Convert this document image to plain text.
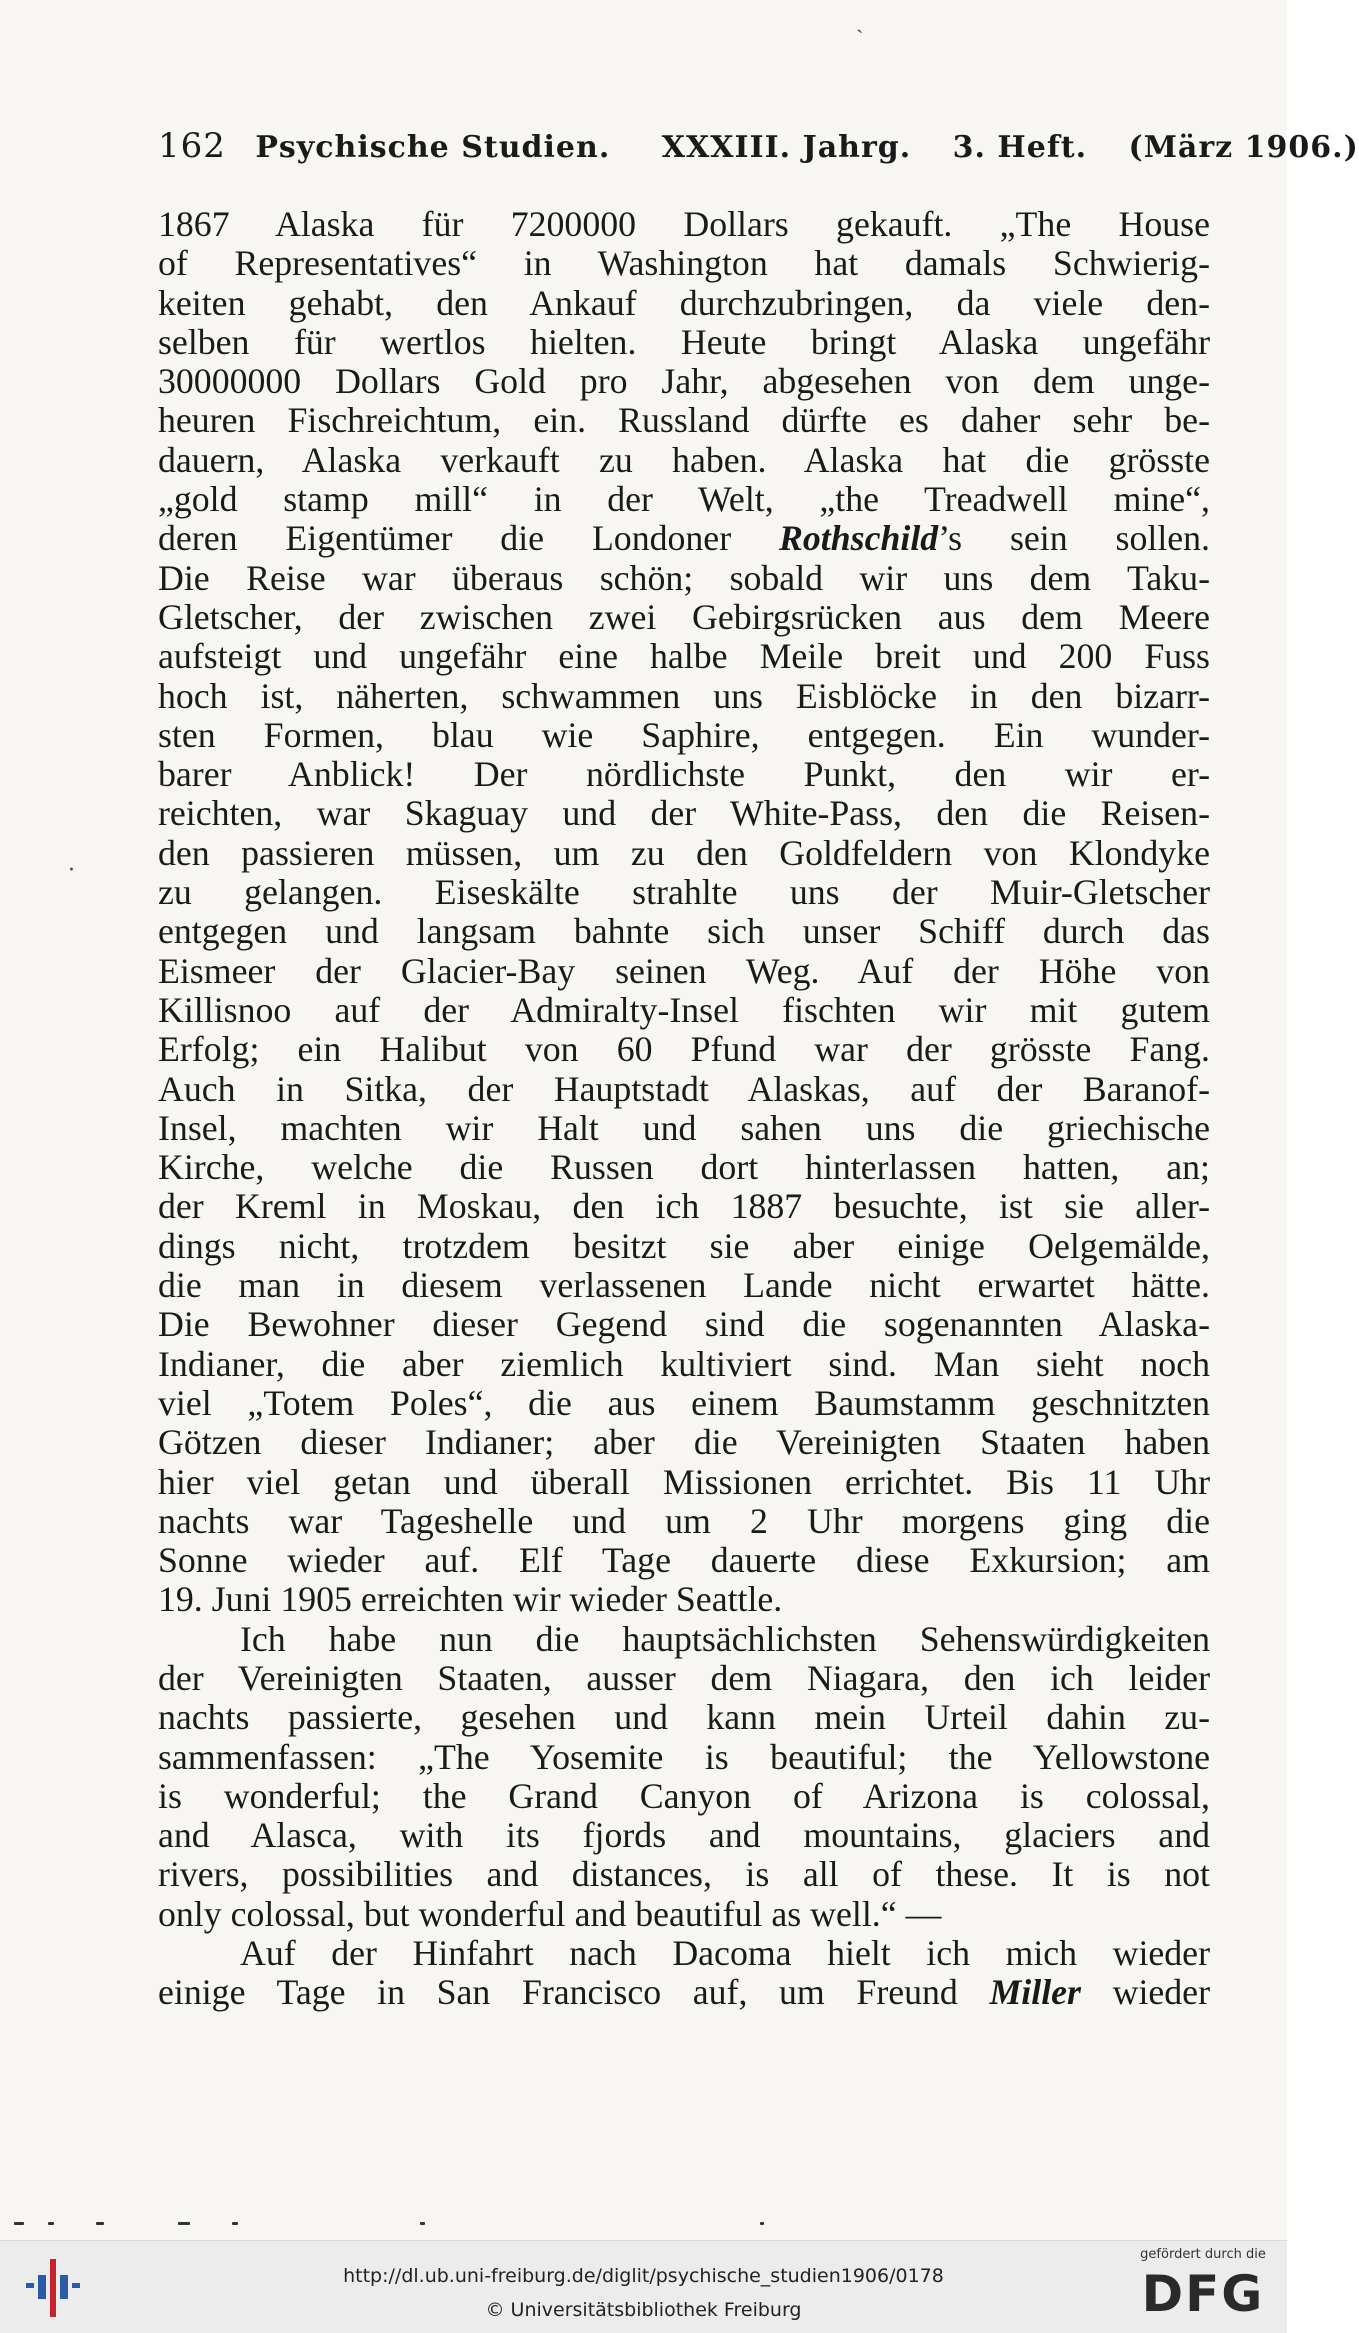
162 Psychische Studien. XXXIII. Jahrg. 3. Heft. (März 1906.)
1867 Alaska für 7200000 Dollars gekauft. „The House
of Representatives“ in Washington hat damals Schwierig-
keiten gehabt, den Ankauf durchzubringen, da viele den-
selben für wertlos hielten. Heute bringt Alaska ungefähr
30000000 Dollars Gold pro Jahr, abgesehen von dem unge-
heuren Fischreichtum, ein. Russland dürfte es daher sehr be-
dauern, Alaska verkauft zu haben. Alaska hat die grösste
„gold stamp mill“ in der Welt, „the Treadwell mine“,
deren Eigentümer die Londoner Rothschild’s sein sollen.
Die Reise war überaus schön; sobald wir uns dem Taku-
Gletscher, der zwischen zwei Gebirgsrücken aus dem Meere
aufsteigt und ungefähr eine halbe Meile breit und 200 Fuss
hoch ist, näherten, schwammen uns Eisblöcke in den bizarr-
sten Formen, blau wie Saphire, entgegen. Ein wunder-
barer Anblick! Der nördlichste Punkt, den wir er-
reichten, war Skaguay und der White-Pass, den die Reisen-
den passieren müssen, um zu den Goldfeldern von Klondyke
zu gelangen. Eiseskälte strahlte uns der Muir-Gletscher
entgegen und langsam bahnte sich unser Schiff durch das
Eismeer der Glacier-Bay seinen Weg. Auf der Höhe von
Killisnoo auf der Admiralty-Insel fischten wir mit gutem
Erfolg; ein Halibut von 60 Pfund war der grösste Fang.
Auch in Sitka, der Hauptstadt Alaskas, auf der Baranof-
Insel, machten wir Halt und sahen uns die griechische
Kirche, welche die Russen dort hinterlassen hatten, an;
der Kreml in Moskau, den ich 1887 besuchte, ist sie aller-
dings nicht, trotzdem besitzt sie aber einige Oelgemälde,
die man in diesem verlassenen Lande nicht erwartet hätte.
Die Bewohner dieser Gegend sind die sogenannten Alaska-
Indianer, die aber ziemlich kultiviert sind. Man sieht noch
viel „Totem Poles“, die aus einem Baumstamm geschnitzten
Götzen dieser Indianer; aber die Vereinigten Staaten haben
hier viel getan und überall Missionen errichtet. Bis 11 Uhr
nachts war Tageshelle und um 2 Uhr morgens ging die
Sonne wieder auf. Elf Tage dauerte diese Exkursion; am
19. Juni 1905 erreichten wir wieder Seattle.
Ich habe nun die hauptsächlichsten Sehenswürdigkeiten
der Vereinigten Staaten, ausser dem Niagara, den ich leider
nachts passierte, gesehen und kann mein Urteil dahin zu-
sammenfassen: „The Yosemite is beautiful; the Yellowstone
is wonderful; the Grand Canyon of Arizona is colossal,
and Alasca, with its fjords and mountains, glaciers and
rivers, possibilities and distances, is all of these. It is not
only colossal, but wonderful and beautiful as well.“ —
Auf der Hinfahrt nach Dacoma hielt ich mich wieder
einige Tage in San Francisco auf, um Freund Miller wieder
ˎ
·
http://dl.ub.uni-freiburg.de/diglit/psychische_studien1906/0178
© Universitätsbibliothek Freiburg
gefördert durch die
DFG
